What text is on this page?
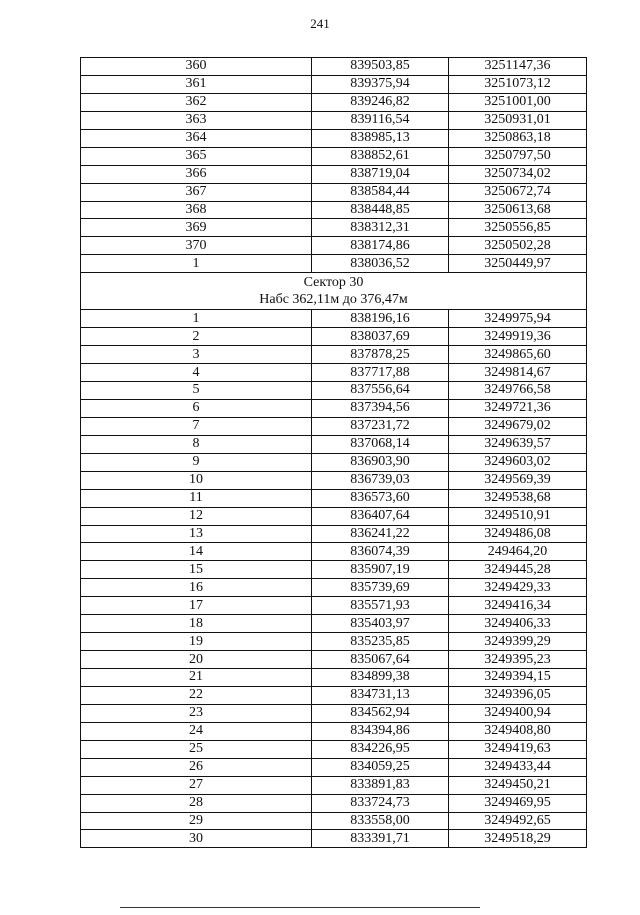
241
360	839503,85	3251147,36
361	839375,94	3251073,12
362	839246,82	3251001,00
363	839116,54	3250931,01
364	838985,13	3250863,18
365	838852,61	3250797,50
366	838719,04	3250734,02
367	838584,44	3250672,74
368	838448,85	3250613,68
369	838312,31	3250556,85
370	838174,86	3250502,28
1	838036,52	3250449,97

Сектор 30
Набс 362,11м до 376,47м		

1	838196,16	3249975,94
2	838037,69	3249919,36
3	837878,25	3249865,60
4	837717,88	3249814,67
5	837556,64	3249766,58
6	837394,56	3249721,36
7	837231,72	3249679,02
8	837068,14	3249639,57
9	836903,90	3249603,02
10	836739,03	3249569,39
11	836573,60	3249538,68
12	836407,64	3249510,91
13	836241,22	3249486,08
14	836074,39	249464,20
15	835907,19	3249445,28
16	835739,69	3249429,33
17	835571,93	3249416,34
18	835403,97	3249406,33
19	835235,85	3249399,29
20	835067,64	3249395,23
21	834899,38	3249394,15
22	834731,13	3249396,05
23	834562,94	3249400,94
24	834394,86	3249408,80
25	834226,95	3249419,63
26	834059,25	3249433,44
27	833891,83	3249450,21
28	833724,73	3249469,95
29	833558,00	3249492,65
30	833391,71	3249518,29
